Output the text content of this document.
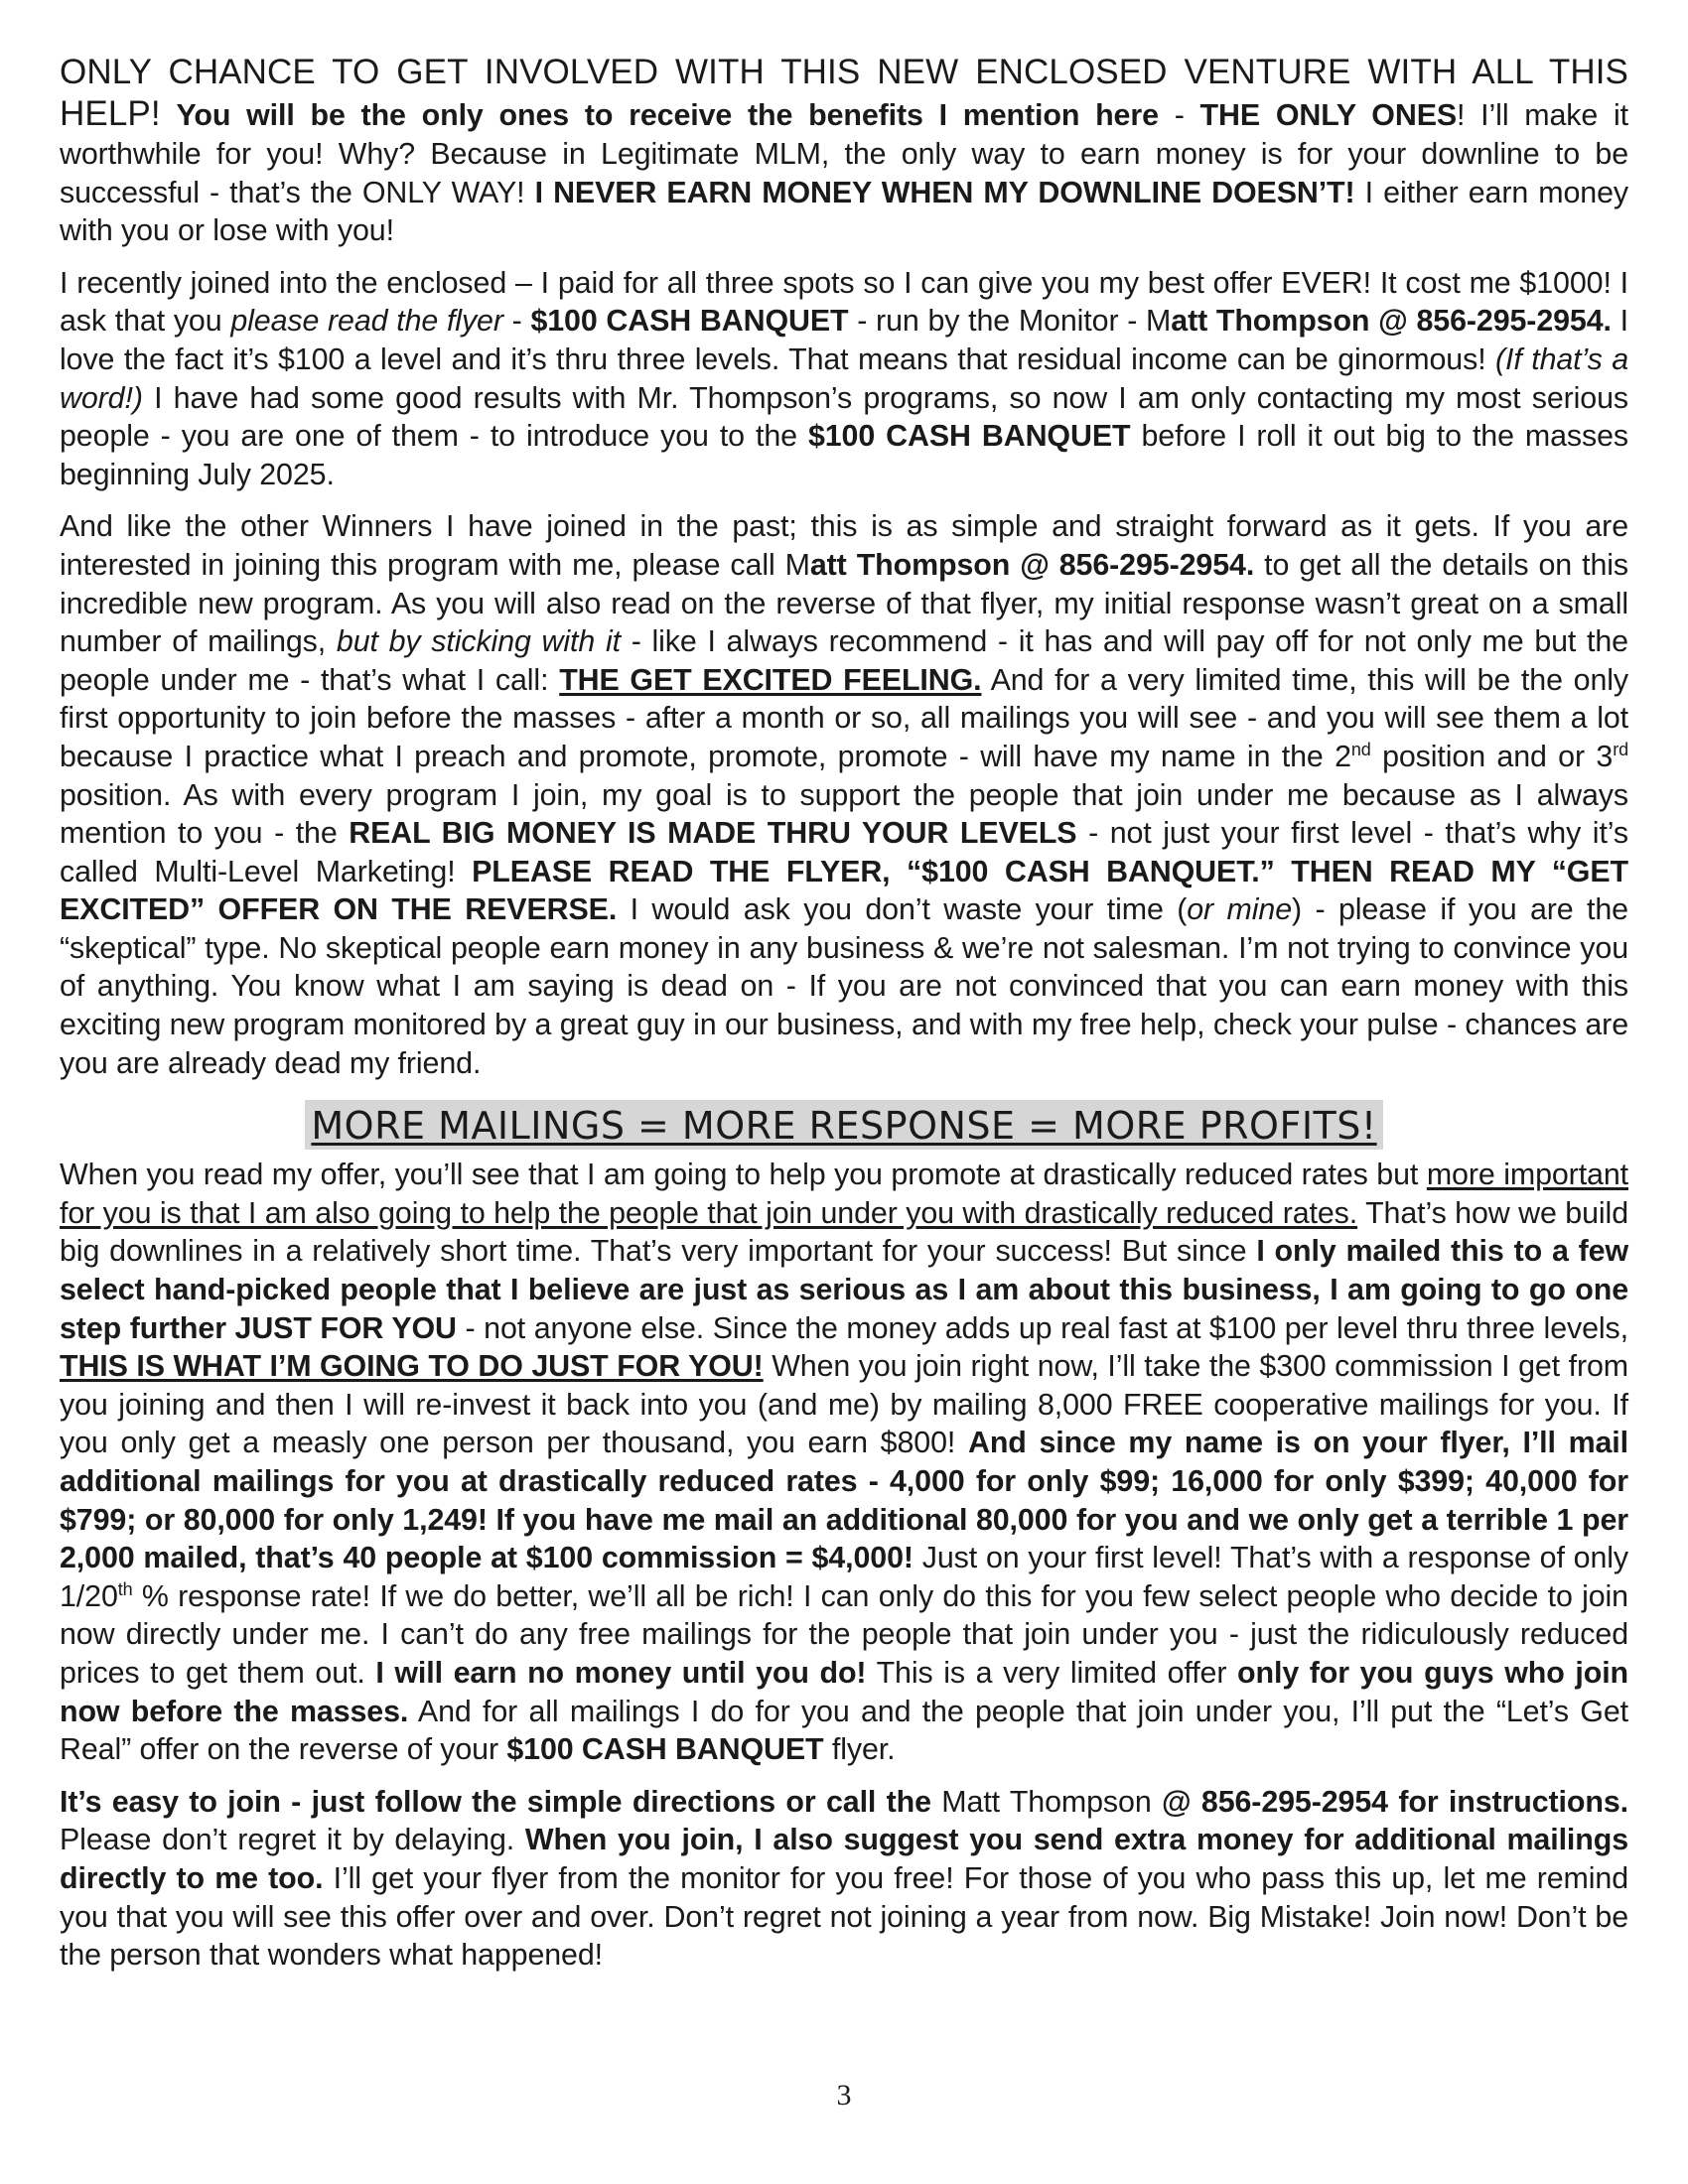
ONLY CHANCE TO GET INVOLVED WITH THIS NEW ENCLOSED VENTURE WITH ALL THIS HELP! You will be the only ones to receive the benefits I mention here - THE ONLY ONES! I’ll make it worthwhile for you! Why? Because in Legitimate MLM, the only way to earn money is for your downline to be successful - that’s the ONLY WAY! I NEVER EARN MONEY WHEN MY DOWNLINE DOESN’T! I either earn money with you or lose with you!

I recently joined into the enclosed – I paid for all three spots so I can give you my best offer EVER! It cost me $1000! I ask that you please read the flyer - $100 CASH BANQUET - run by the Monitor - Matt Thompson @ 856-295-2954. I love the fact it’s $100 a level and it’s thru three levels. That means that residual income can be ginormous! (If that’s a word!) I have had some good results with Mr. Thompson’s programs, so now I am only contacting my most serious people - you are one of them - to introduce you to the $100 CASH BANQUET before I roll it out big to the masses beginning July 2025.

And like the other Winners I have joined in the past; this is as simple and straight forward as it gets. If you are interested in joining this program with me, please call Matt Thompson @ 856-295-2954. to get all the details on this incredible new program. As you will also read on the reverse of that flyer, my initial response wasn’t great on a small number of mailings, but by sticking with it - like I always recommend - it has and will pay off for not only me but the people under me - that’s what I call: THE GET EXCITED FEELING. And for a very limited time, this will be the only first opportunity to join before the masses - after a month or so, all mailings you will see - and you will see them a lot because I practice what I preach and promote, promote, promote - will have my name in the 2nd position and or 3rd position. As with every program I join, my goal is to support the people that join under me because as I always mention to you - the REAL BIG MONEY IS MADE THRU YOUR LEVELS - not just your first level - that’s why it’s called Multi-Level Marketing! PLEASE READ THE FLYER, “$100 CASH BANQUET.” THEN READ MY “GET EXCITED” OFFER ON THE REVERSE. I would ask you don’t waste your time (or mine) - please if you are the “skeptical” type. No skeptical people earn money in any business & we’re not salesman. I’m not trying to convince you of anything. You know what I am saying is dead on - If you are not convinced that you can earn money with this exciting new program monitored by a great guy in our business, and with my free help, check your pulse - chances are you are already dead my friend.

MORE MAILINGS = MORE RESPONSE = MORE PROFITS!

When you read my offer, you’ll see that I am going to help you promote at drastically reduced rates but more important for you is that I am also going to help the people that join under you with drastically reduced rates. That’s how we build big downlines in a relatively short time. That’s very important for your success! But since I only mailed this to a few select hand-picked people that I believe are just as serious as I am about this business, I am going to go one step further JUST FOR YOU - not anyone else. Since the money adds up real fast at $100 per level thru three levels, THIS IS WHAT I’M GOING TO DO JUST FOR YOU! When you join right now, I’ll take the $300 commission I get from you joining and then I will re-invest it back into you (and me) by mailing 8,000 FREE cooperative mailings for you. If you only get a measly one person per thousand, you earn $800! And since my name is on your flyer, I’ll mail additional mailings for you at drastically reduced rates - 4,000 for only $99; 16,000 for only $399; 40,000 for $799; or 80,000 for only 1,249! If you have me mail an additional 80,000 for you and we only get a terrible 1 per 2,000 mailed, that’s 40 people at $100 commission = $4,000! Just on your first level! That’s with a response of only 1/20th % response rate! If we do better, we’ll all be rich! I can only do this for you few select people who decide to join now directly under me. I can’t do any free mailings for the people that join under you - just the ridiculously reduced prices to get them out. I will earn no money until you do! This is a very limited offer only for you guys who join now before the masses. And for all mailings I do for you and the people that join under you, I’ll put the “Let’s Get Real” offer on the reverse of your $100 CASH BANQUET flyer.

It’s easy to join - just follow the simple directions or call the Matt Thompson @ 856-295-2954 for instructions. Please don’t regret it by delaying. When you join, I also suggest you send extra money for additional mailings directly to me too. I’ll get your flyer from the monitor for you free! For those of you who pass this up, let me remind you that you will see this offer over and over. Don’t regret not joining a year from now. Big Mistake! Join now! Don’t be the person that wonders what happened!

3
